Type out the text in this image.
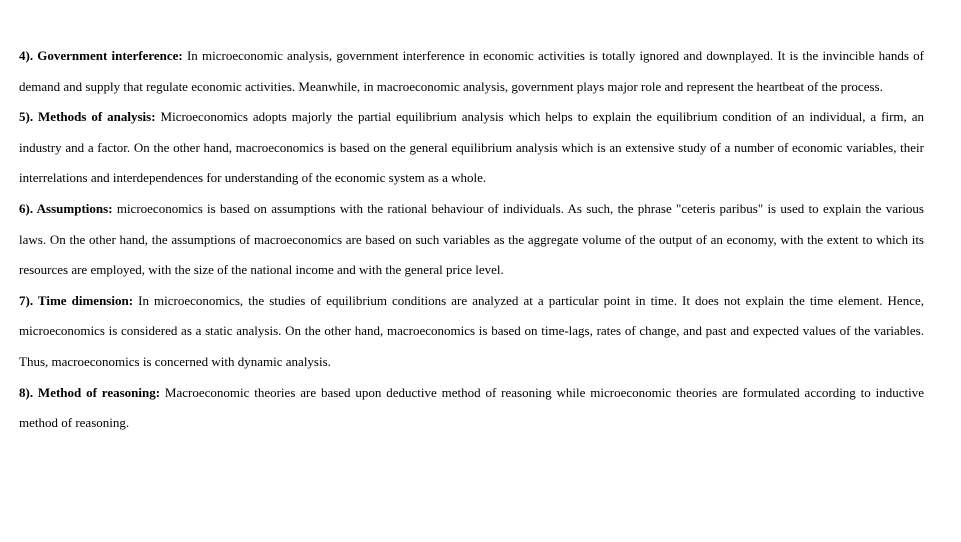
4). Government interference: In microeconomic analysis, government interference in economic activities is totally ignored and downplayed. It is the invincible hands of demand and supply that regulate economic activities. Meanwhile, in macroeconomic analysis, government plays major role and represent the heartbeat of the process.

5). Methods of analysis: Microeconomics adopts majorly the partial equilibrium analysis which helps to explain the equilibrium condition of an individual, a firm, an industry and a factor. On the other hand, macroeconomics is based on the general equilibrium analysis which is an extensive study of a number of economic variables, their interrelations and interdependences for understanding of the economic system as a whole.

6). Assumptions: microeconomics is based on assumptions with the rational behaviour of individuals. As such, the phrase "ceteris paribus" is used to explain the various laws. On the other hand, the assumptions of macroeconomics are based on such variables as the aggregate volume of the output of an economy, with the extent to which its resources are employed, with the size of the national income and with the general price level.

7). Time dimension: In microeconomics, the studies of equilibrium conditions are analyzed at a particular point in time. It does not explain the time element. Hence, microeconomics is considered as a static analysis. On the other hand, macroeconomics is based on time-lags, rates of change, and past and expected values of the variables. Thus, macroeconomics is concerned with dynamic analysis.

8). Method of reasoning: Macroeconomic theories are based upon deductive method of reasoning while microeconomic theories are formulated according to inductive method of reasoning.
